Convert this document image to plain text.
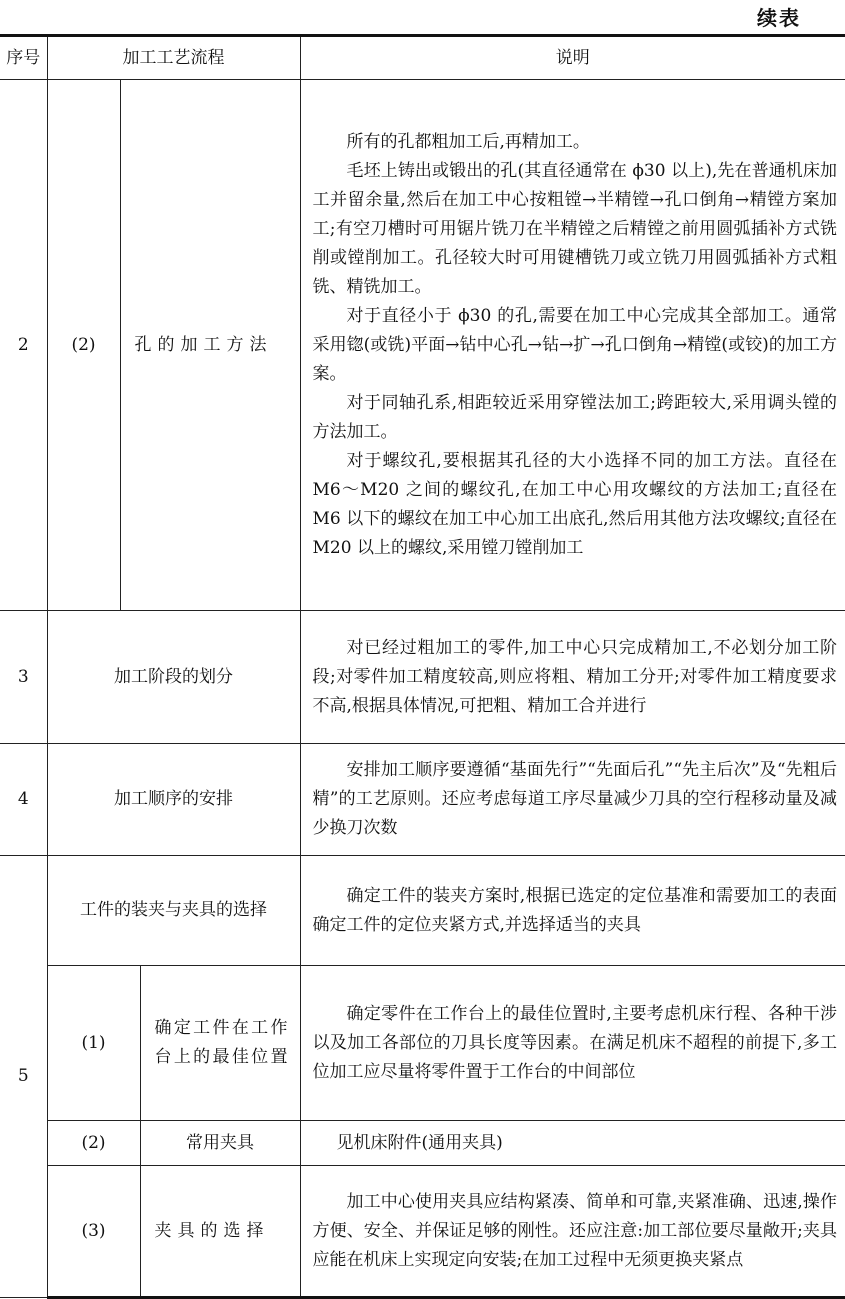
续表
序号	加工工艺流程			说明
2	(2)	孔的加工方法		所有的孔都粗加工后,再精加工。

毛坯上铸出或锻出的孔(其直径通常在 ϕ30 以上),先在普通机床加工并留余量,然后在加工中心按粗镗→半精镗→孔口倒角→精镗方案加工;有空刀槽时可用锯片铣刀在半精镗之后精镗之前用圆弧插补方式铣削或镗削加工。孔径较大时可用键槽铣刀或立铣刀用圆弧插补方式粗铣、精铣加工。

对于直径小于 ϕ30 的孔,需要在加工中心完成其全部加工。通常采用锪(或铣)平面→钻中心孔→钻→扩→孔口倒角→精镗(或铰)的加工方案。

对于同轴孔系,相距较近采用穿镗法加工;跨距较大,采用调头镗的方法加工。

对于螺纹孔,要根据其孔径的大小选择不同的加工方法。直径在 M6～M20 之间的螺纹孔,在加工中心用攻螺纹的方法加工;直径在 M6 以下的螺纹在加工中心加工出底孔,然后用其他方法攻螺纹;直径在 M20 以上的螺纹,采用镗刀镗削加工

3	加工阶段的划分			对已经过粗加工的零件,加工中心只完成精加工,不必划分加工阶段;对零件加工精度较高,则应将粗、精加工分开;对零件加工精度要求不高,根据具体情况,可把粗、精加工合并进行

4	加工顺序的安排			安排加工顺序要遵循“基面先行”“先面后孔”“先主后次”及“先粗后精”的工艺原则。还应考虑每道工序尽量减少刀具的空行程移动量及减少换刀次数

5	工件的装夹与夹具的选择			确定工件的装夹方案时,根据已选定的定位基准和需要加工的表面确定工件的定位夹紧方式,并选择适当的夹具

	(1)		确定工件在工作台上的最佳位置	确定零件在工作台上的最佳位置时,主要考虑机床行程、各种干涉以及加工各部位的刀具长度等因素。在满足机床不超程的前提下,多工位加工应尽量将零件置于工作台的中间部位

	(2)		常用夹具	见机床附件(通用夹具)

	(3)		夹具的选择	加工中心使用夹具应结构紧凑、简单和可靠,夹紧准确、迅速,操作方便、安全、并保证足够的刚性。还应注意:加工部位要尽量敞开;夹具应能在机床上实现定向安装;在加工过程中无须更换夹紧点
